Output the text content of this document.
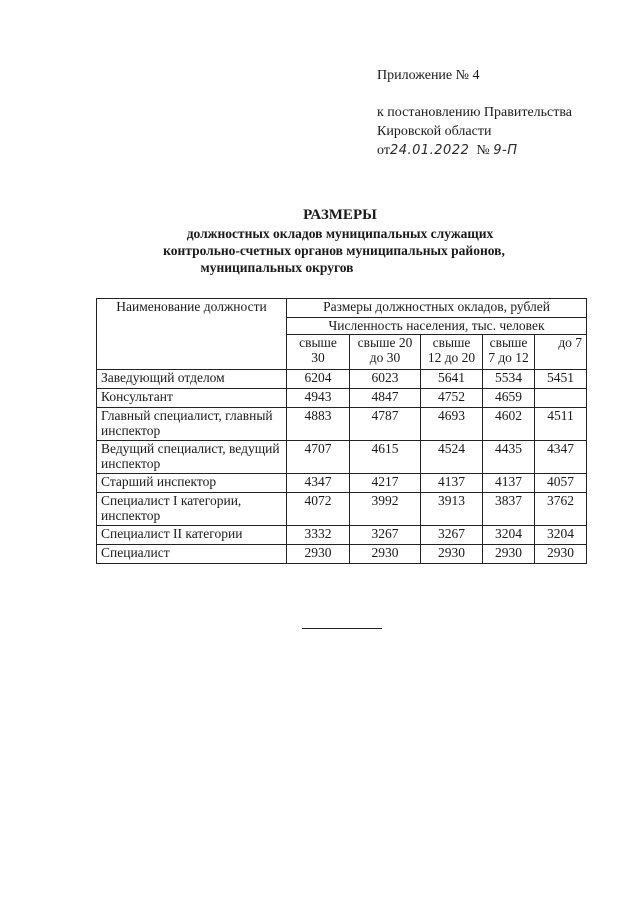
Приложение № 4
к постановлению Правительства
Кировской области
от24.01.2022 № 9-П
РАЗМЕРЫ
должностных окладов муниципальных служащих
контрольно-счетных органов муниципальных районов,
муниципальных округов
Наименование должности	Размеры должностных окладов, рублей				
	Численность населения, тыс. человек				
	свыше 30	свыше 20 до 30	свыше 12 до 20	свыше 7 до 12	до 7
Заведующий отделом	6204	6023	5641	5534	5451
Консультант	4943	4847	4752	4659	
Главный специалист, главный инспектор	4883	4787	4693	4602	4511
Ведущий специалист, ведущий инспектор	4707	4615	4524	4435	4347
Старший инспектор	4347	4217	4137	4137	4057
Специалист I категории, инспектор	4072	3992	3913	3837	3762
Специалист II категории	3332	3267	3267	3204	3204
Специалист	2930	2930	2930	2930	2930
